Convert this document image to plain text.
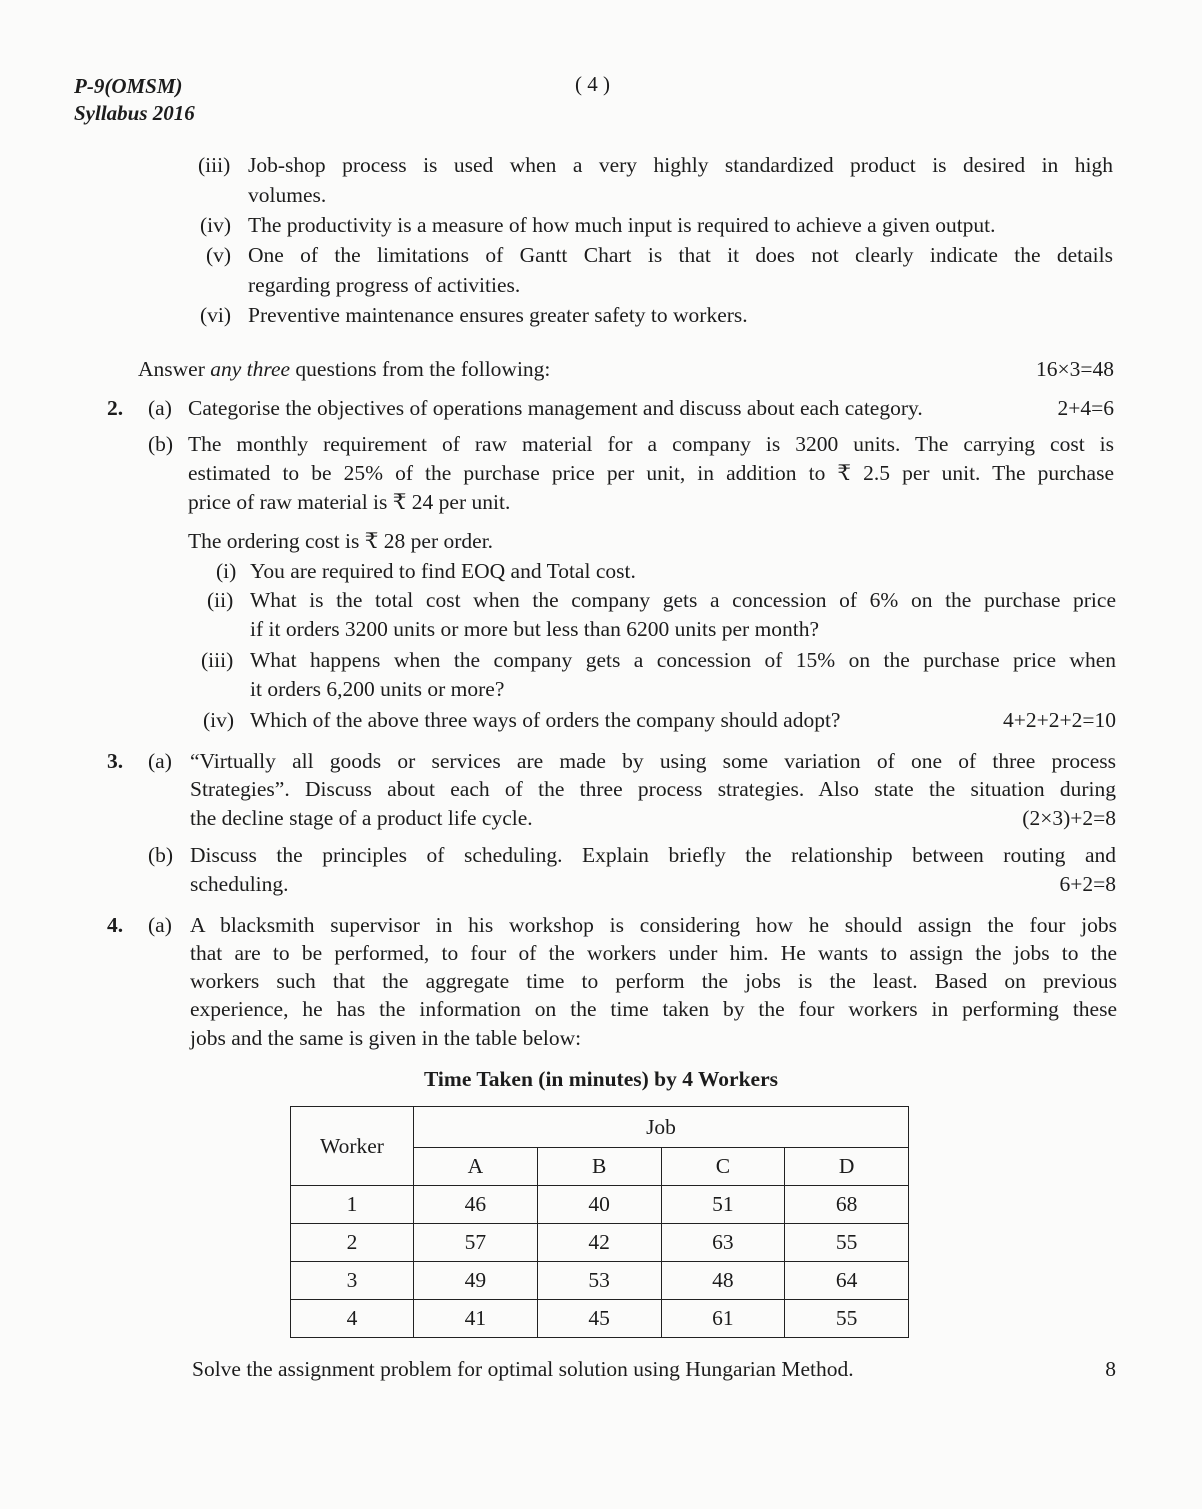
P-9(OMSM)
Syllabus 2016
( 4 )
(iii) Job-shop process is used when a very highly standardized product is desired in high
volumes.
(iv) The productivity is a measure of how much input is required to achieve a given output.
(v) One of the limitations of Gantt Chart is that it does not clearly indicate the details
regarding progress of activities.
(vi) Preventive maintenance ensures greater safety to workers.
Answer any three questions from the following:	16×3=48
2. (a) Categorise the objectives of operations management and discuss about each category.	2+4=6
(b) The monthly requirement of raw material for a company is 3200 units. The carrying cost is
estimated to be 25% of the purchase price per unit, in addition to ₹ 2.5 per unit. The purchase
price of raw material is ₹ 24 per unit.
The ordering cost is ₹ 28 per order.
(i) You are required to find EOQ and Total cost.
(ii) What is the total cost when the company gets a concession of 6% on the purchase price
if it orders 3200 units or more but less than 6200 units per month?
(iii) What happens when the company gets a concession of 15% on the purchase price when
it orders 6,200 units or more?
(iv) Which of the above three ways of orders the company should adopt?	4+2+2+2=10
3. (a) “Virtually all goods or services are made by using some variation of one of three process
Strategies”. Discuss about each of the three process strategies. Also state the situation during
the decline stage of a product life cycle.	(2×3)+2=8
(b) Discuss the principles of scheduling. Explain briefly the relationship between routing and
scheduling.	6+2=8
4. (a) A blacksmith supervisor in his workshop is considering how he should assign the four jobs
that are to be performed, to four of the workers under him. He wants to assign the jobs to the
workers such that the aggregate time to perform the jobs is the least. Based on previous
experience, he has the information on the time taken by the four workers in performing these
jobs and the same is given in the table below:
Time Taken (in minutes) by 4 Workers
Worker	Job			
	A	B	C	D
1	46	40	51	68
2	57	42	63	55
3	49	53	48	64
4	41	45	61	55
Solve the assignment problem for optimal solution using Hungarian Method.	8
